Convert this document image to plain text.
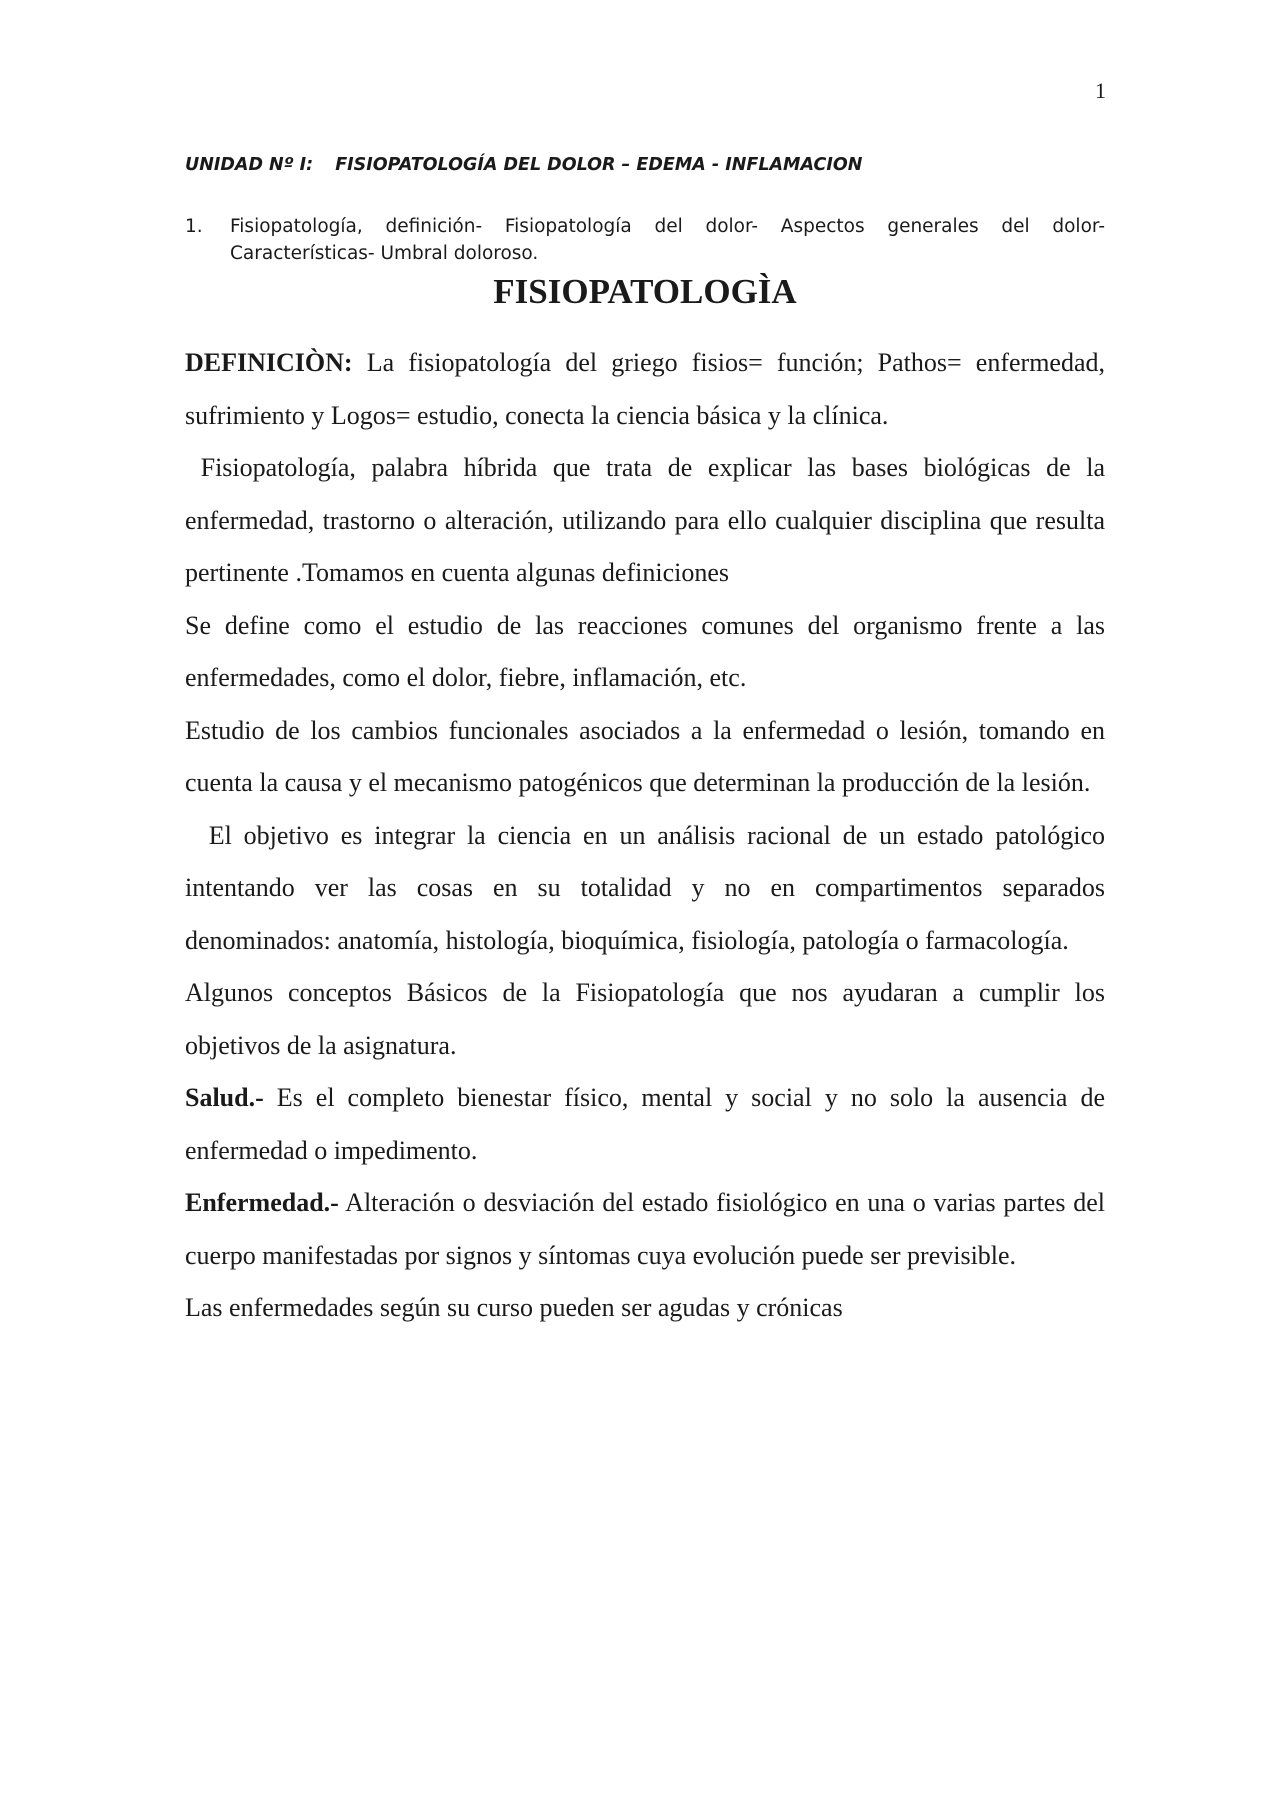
1
UNIDAD Nº I: FISIOPATOLOGÍA DEL DOLOR – EDEMA - INFLAMACION
1. Fisiopatología, definición- Fisiopatología del dolor- Aspectos generales del dolor- Características- Umbral doloroso.
FISIOPATOLOGÌA

DEFINICIÒN: La fisiopatología del griego fisios= función; Pathos= enfermedad, sufrimiento y Logos= estudio, conecta la ciencia básica y la clínica.

Fisiopatología, palabra híbrida que trata de explicar las bases biológicas de la enfermedad, trastorno o alteración, utilizando para ello cualquier disciplina que resulta pertinente .Tomamos en cuenta algunas definiciones

Se define como el estudio de las reacciones comunes del organismo frente a las enfermedades, como el dolor, fiebre, inflamación, etc.

Estudio de los cambios funcionales asociados a la enfermedad o lesión, tomando en cuenta la causa y el mecanismo patogénicos que determinan la producción de la lesión.

El objetivo es integrar la ciencia en un análisis racional de un estado patológico intentando ver las cosas en su totalidad y no en compartimentos separados denominados: anatomía, histología, bioquímica, fisiología, patología o farmacología.

Algunos conceptos Básicos de la Fisiopatología que nos ayudaran a cumplir los objetivos de la asignatura.

Salud.- Es el completo bienestar físico, mental y social y no solo la ausencia de enfermedad o impedimento.

Enfermedad.- Alteración o desviación del estado fisiológico en una o varias partes del cuerpo manifestadas por signos y síntomas cuya evolución puede ser previsible.

Las enfermedades según su curso pueden ser agudas y crónicas
